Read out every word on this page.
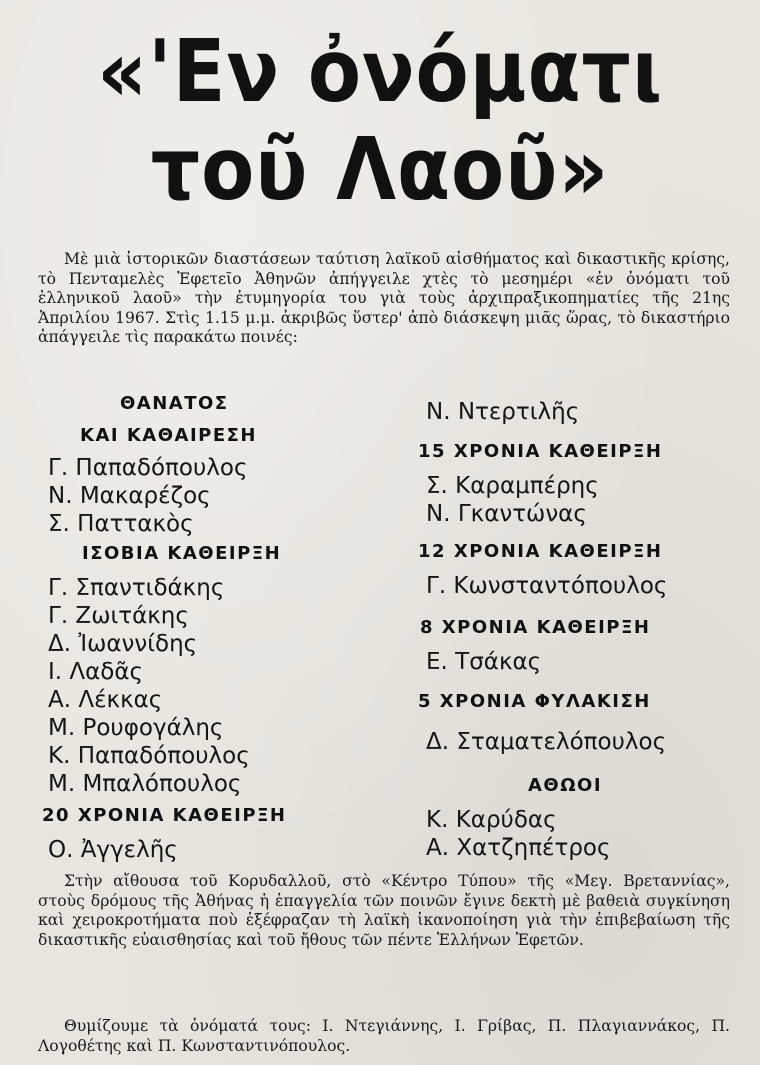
«'Εν ὀνόματι
τοῦ Λαοῦ»
Μὲ μιὰ ἱστορικῶν διαστάσεων ταύτιση λαϊκοῦ αἰσθήματος καὶ δικαστικῆς κρίσης, τὸ Πενταμελὲς Ἐφετεῖο Ἀθηνῶν ἀπήγγειλε χτὲς τὸ μεσημέρι «ἐν ὀνόματι τοῦ ἑλληνικοῦ λαοῦ» τὴν ἐτυμηγορία του γιὰ τοὺς ἀρχιπραξικοπηματίες τῆς 21ης Ἀπριλίου 1967. Στὶς 1.15 μ.μ. ἀκριβῶς ὕστερ' ἀπὸ διάσκεψη μιᾶς ὥρας, τὸ δικαστήριο ἀπάγγειλε τὶς παρακάτω ποινές:
ΘΑΝΑΤΟΣ
ΚΑΙ ΚΑΘΑΙΡΕΣΗ
Γ. Παπαδόπουλος
Ν. Μακαρέζος
Σ. Παττακὸς
ΙΣΟΒΙΑ ΚΑΘΕΙΡΞΗ
Γ. Σπαντιδάκης
Γ. Ζωιτάκης
Δ. Ἰωαννίδης
Ι. Λαδᾶς
Α. Λέκκας
Μ. Ρουφογάλης
Κ. Παπαδόπουλος
Μ. Μπαλόπουλος
20 ΧΡΟΝΙΑ ΚΑΘΕΙΡΞΗ
Ο. Ἀγγελῆς
Ν. Ντερτιλῆς
15 ΧΡΟΝΙΑ ΚΑΘΕΙΡΞΗ
Σ. Καραμπέρης
Ν. Γκαντώνας
12 ΧΡΟΝΙΑ ΚΑΘΕΙΡΞΗ
Γ. Κωνσταντόπουλος
8 ΧΡΟΝΙΑ ΚΑΘΕΙΡΞΗ
Ε. Τσάκας
5 ΧΡΟΝΙΑ ΦΥΛΑΚΙΣΗ
Δ. Σταματελόπουλος
ΑΘΩΟΙ
Κ. Καρύδας
Α. Χατζηπέτρος
Στὴν αἴθουσα τοῦ Κορυδαλλοῦ, στὸ «Κέντρο Τύπου» τῆς «Μεγ. Βρεταννίας», στοὺς δρόμους τῆς Ἀθήνας ἡ ἐπαγγελία τῶν ποινῶν ἔγινε δεκτὴ μὲ βαθειὰ συγκίνηση καὶ χειροκροτήματα ποὺ ἐξέφραζαν τὴ λαϊκὴ ἱκανοποίηση γιὰ τὴν ἐπιβεβαίωση τῆς δικαστικῆς εὐαισθησίας καὶ τοῦ ἤθους τῶν πέντε Ἑλλήνων Ἐφετῶν.
Θυμίζουμε τὰ ὀνόματά τους: Ι. Ντεγιάννης, Ι. Γρίβας, Π. Πλαγιαννάκος, Π. Λογοθέτης καὶ Π. Κωνσταντινόπουλος.
